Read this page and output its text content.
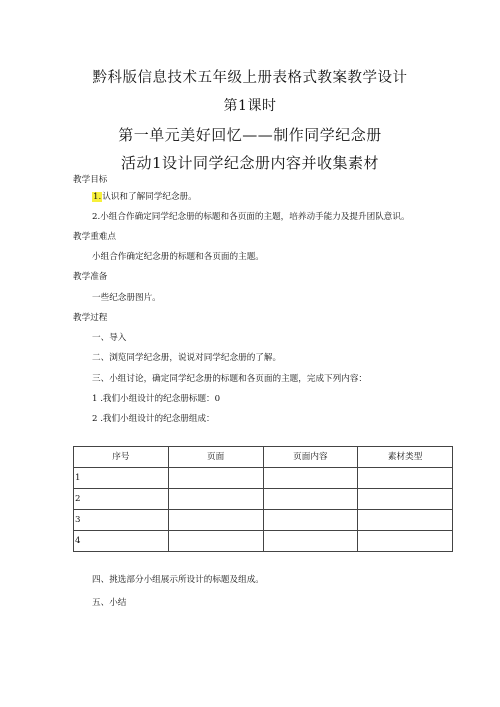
黔科版信息技术五年级上册表格式教案教学设计
第1课时
第一单元美好回忆——制作同学纪念册
活动1设计同学纪念册内容并收集素材
教学目标
1.认识和了解同学纪念册。
2.小组合作确定同学纪念册的标题和各页面的主题，培养动手能力及提升团队意识。
教学重难点
小组合作确定纪念册的标题和各页面的主题。
教学准备
一些纪念册图片。
教学过程
一、导入
二、浏览同学纪念册，说说对同学纪念册的了解。
三、小组讨论，确定同学纪念册的标题和各页面的主题，完成下列内容：
1 .我们小组设计的纪念册标题：0
2 .我们小组设计的纪念册组成：
序号	页面	页面内容	素材类型
1			
2			
3			
4			
四、挑选部分小组展示所设计的标题及组成。
五、小结
